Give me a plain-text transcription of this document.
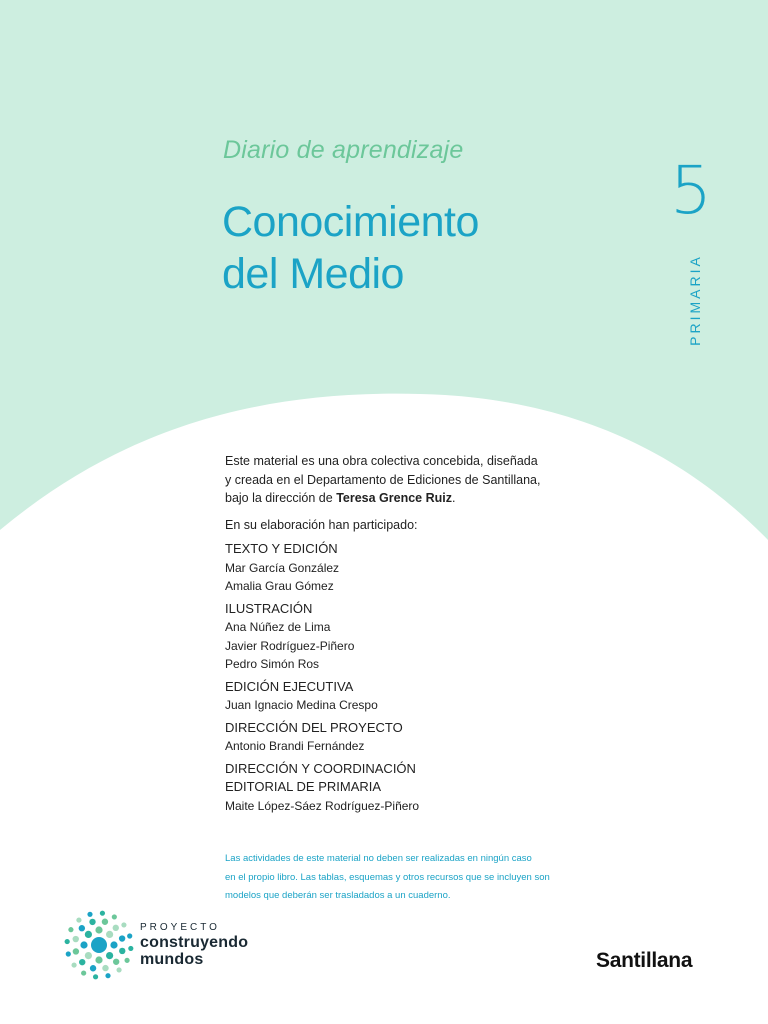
Diario de aprendizaje
Conocimiento
del Medio
5
PRIMARIA

Este material es una obra colectiva concebida, diseñada

y creada en el Departamento de Ediciones de Santillana,

bajo la dirección de Teresa Grence Ruiz.

En su elaboración han participado:

TEXTO Y EDICIÓN

Mar García González

Amalia Grau Gómez

ILUSTRACIÓN

Ana Núñez de Lima

Javier Rodríguez-Piñero

Pedro Simón Ros

EDICIÓN EJECUTIVA

Juan Ignacio Medina Crespo

DIRECCIÓN DEL PROYECTO

Antonio Brandi Fernández

DIRECCIÓN Y COORDINACIÓN

EDITORIAL DE PRIMARIA

Maite López-Sáez Rodríguez-Piñero

Las actividades de este material no deben ser realizadas en ningún caso

en el propio libro. Las tablas, esquemas y otros recursos que se incluyen son

modelos que deberán ser trasladados a un cuaderno.

PROYECTO
construyendo
mundos	Santillana
